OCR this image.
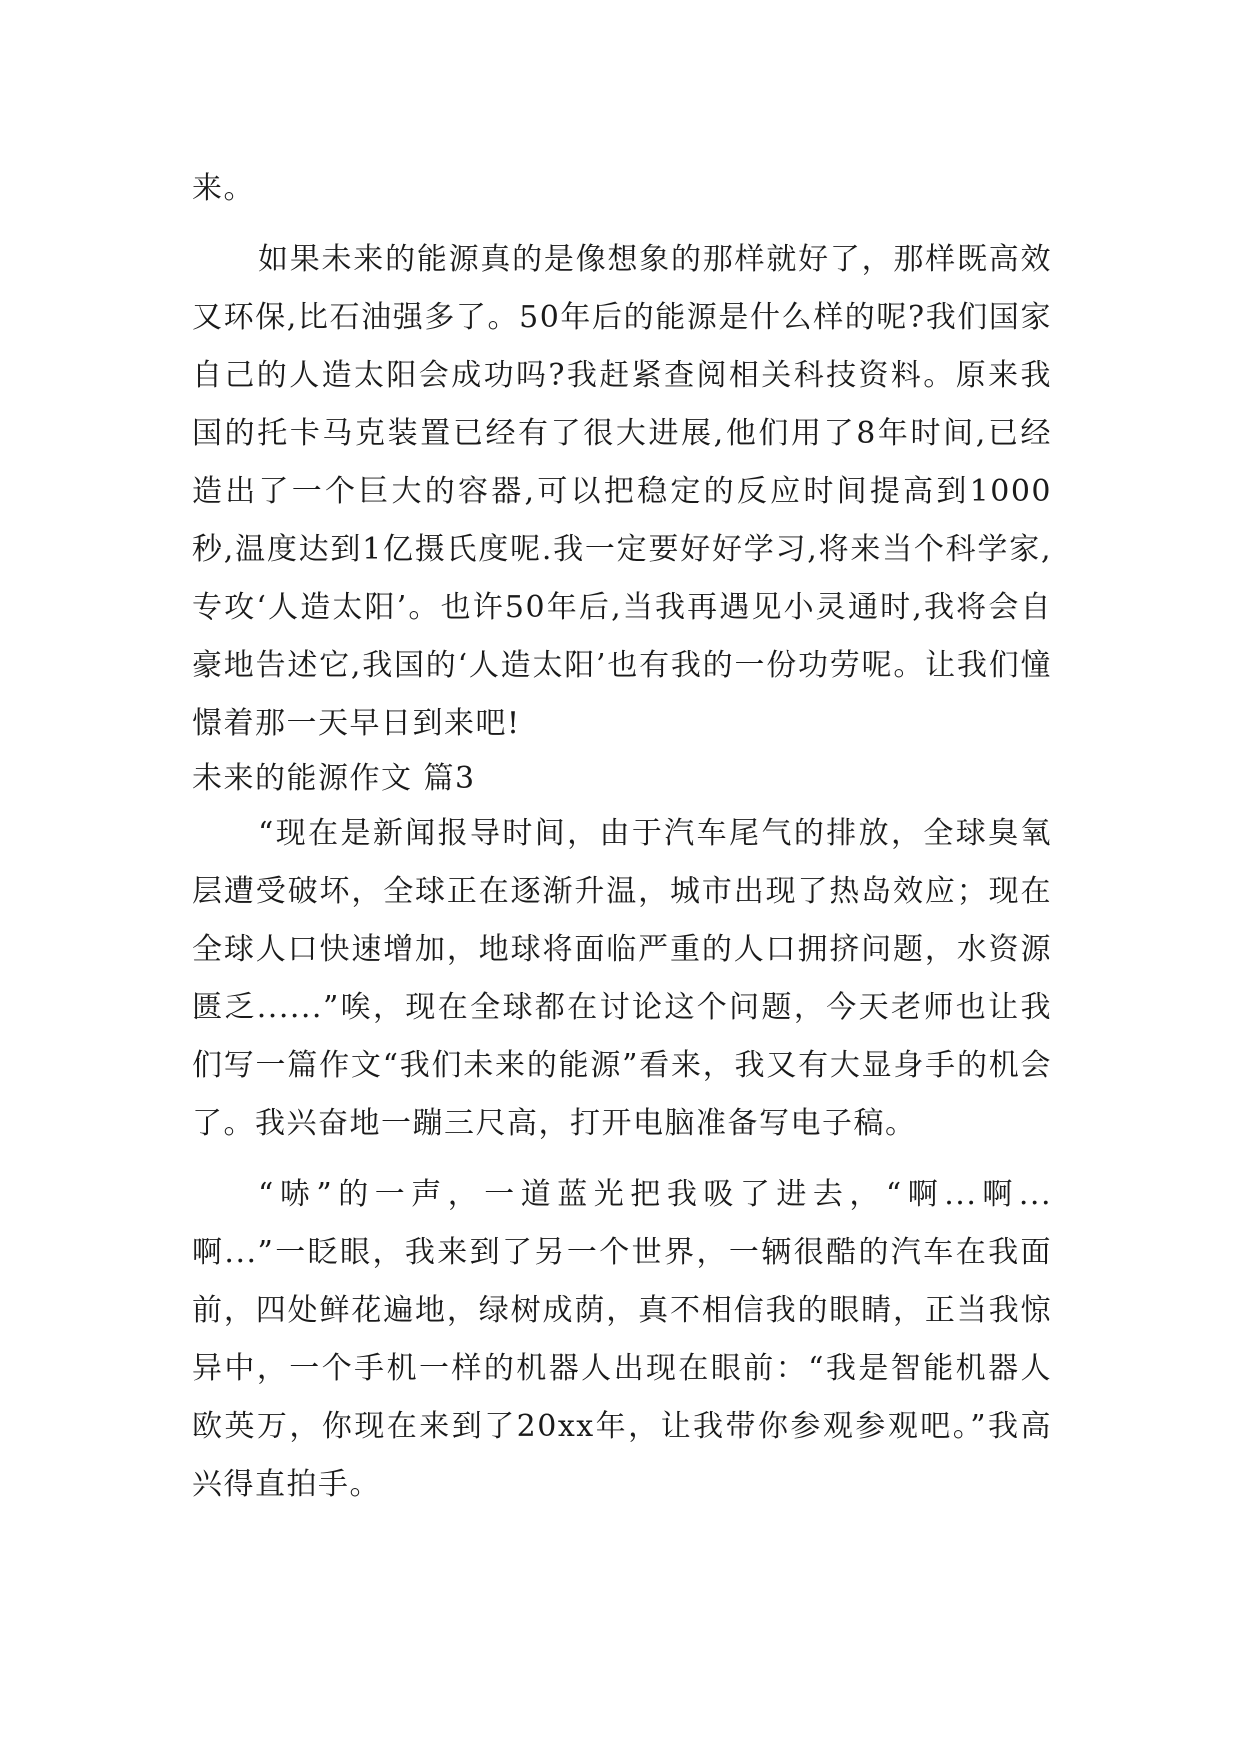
来。

如果未来的能源真的是像想象的那样就好了，那样既高效又环保,比石油强多了。50年后的能源是什么样的呢?我们国家自己的人造太阳会成功吗?我赶紧查阅相关科技资料。原来我国的托卡马克装置已经有了很大进展,他们用了8年时间,已经造出了一个巨大的容器,可以把稳定的反应时间提高到1000秒,温度达到1亿摄氏度呢.我一定要好好学习,将来当个科学家,专攻‘人造太阳’。也许50年后,当我再遇见小灵通时,我将会自豪地告述它,我国的‘人造太阳’也有我的一份功劳呢。让我们憧憬着那一天早日到来吧!

未来的能源作文 篇3

“现在是新闻报导时间，由于汽车尾气的排放，全球臭氧层遭受破坏，全球正在逐渐升温，城市出现了热岛效应；现在全球人口快速增加，地球将面临严重的人口拥挤问题，水资源匮乏......”唉，现在全球都在讨论这个问题，今天老师也让我们写一篇作文“我们未来的能源”看来，我又有大显身手的机会了。我兴奋地一蹦三尺高，打开电脑准备写电子稿。

“哧”的一声，一道蓝光把我吸了进去，“啊...啊...啊...”一眨眼，我来到了另一个世界，一辆很酷的汽车在我面前，四处鲜花遍地，绿树成荫，真不相信我的眼睛，正当我惊异中，一个手机一样的机器人出现在眼前：“我是智能机器人欧英万，你现在来到了20xx年，让我带你参观参观吧。”我高兴得直拍手。
